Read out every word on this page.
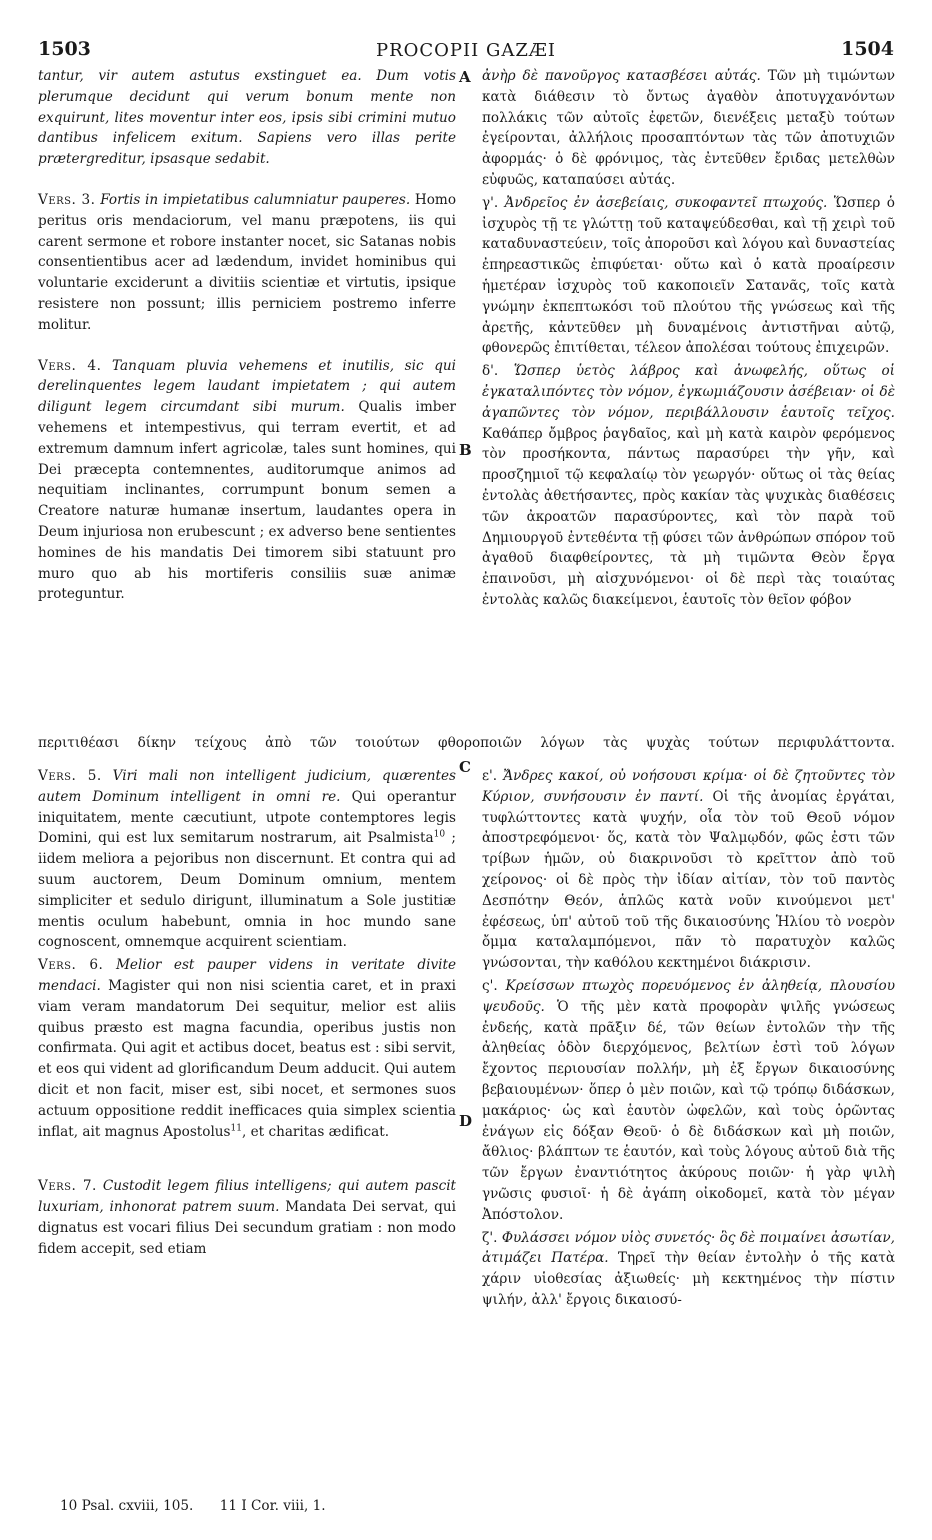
1503	PROCOPII GAZÆI	1504
A
B
C
D

tantur, vir autem astutus exstinguet ea. Dum votis plerumque decidunt qui verum bonum mente non exquirunt, lites moventur inter eos, ipsis sibi crimini mutuo dantibus infelicem exitum. Sapiens vero illas perite prætergreditur, ipsasque sedabit.

Vers. 3. Fortis in impietatibus calumniatur pauperes. Homo peritus oris mendaciorum, vel manu præpotens, iis qui carent sermone et robore instanter nocet, sic Satanas nobis consentientibus acer ad lædendum, invidet hominibus qui voluntarie exciderunt a divitiis scientiæ et virtutis, ipsique resistere non possunt; illis perniciem postremo inferre molitur.

Vers. 4. Tanquam pluvia vehemens et inutilis, sic qui derelinquentes legem laudant impietatem ; qui autem diligunt legem circumdant sibi murum. Qualis imber vehemens et intempestivus, qui terram evertit, et ad extremum damnum infert agricolæ, tales sunt homines, qui Dei præcepta contemnentes, auditorumque animos ad nequitiam inclinantes, corrumpunt bonum semen a Creatore naturæ humanæ insertum, laudantes opera in Deum injuriosa non erubescunt ; ex adverso bene sentientes homines de his mandatis Dei timorem sibi statuunt pro muro quo ab his mortiferis consiliis suæ animæ proteguntur.

ἀνὴρ δὲ πανοῦργος κατασβέσει αὐτάς. Τῶν μὴ τιμώντων κατὰ διάθεσιν τὸ ὄντως ἀγαθὸν ἀποτυγχανόντων πολλάκις τῶν αὐτοῖς ἐφετῶν, διενέξεις μεταξὺ τούτων ἐγείρονται, ἀλλήλοις προσαπτόντων τὰς τῶν ἀποτυχιῶν ἀφορμάς· ὁ δὲ φρόνιμος, τὰς ἐντεῦθεν ἔριδας μετελθὼν εὐφυῶς, καταπαύσει αὐτάς.

γ'. Ἀνδρεῖος ἐν ἀσεβείαις, συκοφαντεῖ πτωχούς. Ὥσπερ ὁ ἰσχυρὸς τῇ τε γλώττῃ τοῦ καταψεύδεσθαι, καὶ τῇ χειρὶ τοῦ καταδυναστεύειν, τοῖς ἀποροῦσι καὶ λόγου καὶ δυναστείας ἐπηρεαστικῶς ἐπιφύεται· οὕτω καὶ ὁ κατὰ προαίρεσιν ἡμετέραν ἰσχυρὸς τοῦ κακοποιεῖν Σατανᾶς, τοῖς κατὰ γνώμην ἐκπεπτωκόσι τοῦ πλούτου τῆς γνώσεως καὶ τῆς ἀρετῆς, κἀντεῦθεν μὴ δυναμένοις ἀντιστῆναι αὐτῷ, φθονερῶς ἐπιτίθεται, τέλεον ἀπολέσαι τούτους ἐπιχειρῶν.

δ'. Ὥσπερ ὑετὸς λάβρος καὶ ἀνωφελής, οὕτως οἱ ἐγκαταλιπόντες τὸν νόμον, ἐγκωμιάζουσιν ἀσέβειαν· οἱ δὲ ἀγαπῶντες τὸν νόμον, περιβάλλουσιν ἑαυτοῖς τεῖχος. Καθάπερ ὄμβρος ῥαγδαῖος, καὶ μὴ κατὰ καιρὸν φερόμενος τὸν προσήκοντα, πάντως παρασύρει τὴν γῆν, καὶ προσζημιοῖ τῷ κεφαλαίῳ τὸν γεωργόν· οὕτως οἱ τὰς θείας ἐντολὰς ἀθετήσαντες, πρὸς κακίαν τὰς ψυχικὰς διαθέσεις τῶν ἀκροατῶν παρασύροντες, καὶ τὸν παρὰ τοῦ Δημιουργοῦ ἐντεθέντα τῇ φύσει τῶν ἀνθρώπων σπόρον τοῦ ἀγαθοῦ διαφθείροντες, τὰ μὴ τιμῶντα Θεὸν ἔργα ἐπαινοῦσι, μὴ αἰσχυνόμενοι· οἱ δὲ περὶ τὰς τοιαύτας ἐντολὰς καλῶς διακείμενοι, ἑαυτοῖς τὸν θεῖον φόβον

περιτιθέασι δίκην τείχους ἀπὸ τῶν τοιούτων φθοροποιῶν λόγων τὰς ψυχὰς τούτων περιφυλάττοντα.

Vers. 5. Viri mali non intelligent judicium, quærentes autem Dominum intelligent in omni re. Qui operantur iniquitatem, mente cæcutiunt, utpote contemptores legis Domini, qui est lux semitarum nostrarum, ait Psalmista$^{10}$ ; iidem meliora a pejoribus non discernunt. Et contra qui ad suum auctorem, Deum Dominum omnium, mentem simpliciter et sedulo dirigunt, illuminatum a Sole justitiæ mentis oculum habebunt, omnia in hoc mundo sane cognoscent, omnemque acquirent scientiam.

Vers. 6. Melior est pauper videns in veritate divite mendaci. Magister qui non nisi scientia caret, et in praxi viam veram mandatorum Dei sequitur, melior est aliis quibus præsto est magna facundia, operibus justis non confirmata. Qui agit et actibus docet, beatus est : sibi servit, et eos qui vident ad glorificandum Deum adducit. Qui autem dicit et non facit, miser est, sibi nocet, et sermones suos actuum oppositione reddit inefficaces quia simplex scientia inflat, ait magnus Apostolus$^{11}$, et charitas ædificat.

Vers. 7. Custodit legem filius intelligens; qui autem pascit luxuriam, inhonorat patrem suum. Mandata Dei servat, qui dignatus est vocari filius Dei secundum gratiam : non modo fidem accepit, sed etiam

ε'. Ἄνδρες κακοί, οὐ νοήσουσι κρίμα· οἱ δὲ ζητοῦντες τὸν Κύριον, συνήσουσιν ἐν παντί. Οἱ τῆς ἀνομίας ἐργάται, τυφλώττοντες κατὰ ψυχήν, οἷα τὸν τοῦ Θεοῦ νόμον ἀποστρεφόμενοι· ὅς, κατὰ τὸν Ψαλμῳδόν, φῶς ἐστι τῶν τρίβων ἡμῶν, οὐ διακρινοῦσι τὸ κρεῖττον ἀπὸ τοῦ χείρονος· οἱ δὲ πρὸς τὴν ἰδίαν αἰτίαν, τὸν τοῦ παντὸς Δεσπότην Θεόν, ἁπλῶς κατὰ νοῦν κινούμενοι μετ' ἐφέσεως, ὑπ' αὐτοῦ τοῦ τῆς δικαιοσύνης Ἡλίου τὸ νοερὸν ὄμμα καταλαμπόμενοι, πᾶν τὸ παρατυχὸν καλῶς γνώσονται, τὴν καθόλου κεκτημένοι διάκρισιν.

ς'. Κρείσσων πτωχὸς πορευόμενος ἐν ἀληθείᾳ, πλουσίου ψευδοῦς. Ὁ τῆς μὲν κατὰ προφορὰν ψιλῆς γνώσεως ἐνδεής, κατὰ πρᾶξιν δέ, τῶν θείων ἐντολῶν τὴν τῆς ἀληθείας ὁδὸν διερχόμενος, βελτίων ἐστὶ τοῦ λόγων ἔχοντος περιουσίαν πολλήν, μὴ ἐξ ἔργων δικαιοσύνης βεβαιουμένων· ὅπερ ὁ μὲν ποιῶν, καὶ τῷ τρόπῳ διδάσκων, μακάριος· ὡς καὶ ἑαυτὸν ὠφελῶν, καὶ τοὺς ὁρῶντας ἐνάγων εἰς δόξαν Θεοῦ· ὁ δὲ διδάσκων καὶ μὴ ποιῶν, ἄθλιος· βλάπτων τε ἑαυτόν, καὶ τοὺς λόγους αὐτοῦ διὰ τῆς τῶν ἔργων ἐναντιότητος ἀκύρους ποιῶν· ἡ γὰρ ψιλὴ γνῶσις φυσιοῖ· ἡ δὲ ἀγάπη οἰκοδομεῖ, κατὰ τὸν μέγαν Ἀπόστολον.

ζ'. Φυλάσσει νόμον υἱὸς συνετός· ὃς δὲ ποιμαίνει ἀσωτίαν, ἀτιμάζει Πατέρα. Τηρεῖ τὴν θείαν ἐντολὴν ὁ τῆς κατὰ χάριν υἱοθεσίας ἀξιωθείς· μὴ κεκτημένος τὴν πίστιν ψιλήν, ἀλλ' ἔργοις δικαιοσύ-

10 Psal. cxviii, 105. 11 I Cor. viii, 1.
